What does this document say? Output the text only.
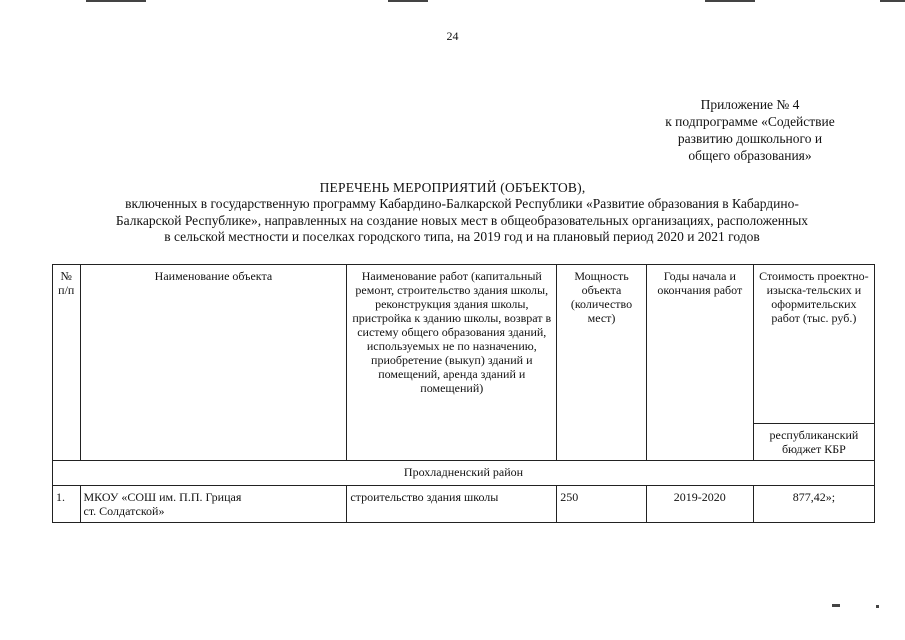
24
Приложение № 4
к подпрограмме «Содействие
развитию дошкольного и
общего образования»
ПЕРЕЧЕНЬ МЕРОПРИЯТИЙ (ОБЪЕКТОВ),
включенных в государственную программу Кабардино-Балкарской Республики «Развитие образования в Кабардино-
Балкарской Республике», направленных на создание новых мест в общеобразовательных организациях, расположенных
в сельской местности и поселках городского типа, на 2019 год и на плановый период 2020 и 2021 годов
№ п/п	Наименование объекта	Наименование работ (капитальный ремонт, строительство здания школы, реконструкция здания школы, пристройка к зданию школы, возврат в систему общего образования зданий, используемых не по назначению, приобретение (выкуп) зданий и помещений, аренда зданий и помещений)	Мощность объекта (количество мест)	Годы начала и окончания работ	Стоимость проектно-изыска-тельских и оформительских работ (тыс. руб.)
					республиканский бюджет КБР
Прохладненский район					
1.	МКОУ «СОШ им. П.П. Грицая
ст. Солдатской»	строительство здания школы	250	2019-2020	877,42»;
